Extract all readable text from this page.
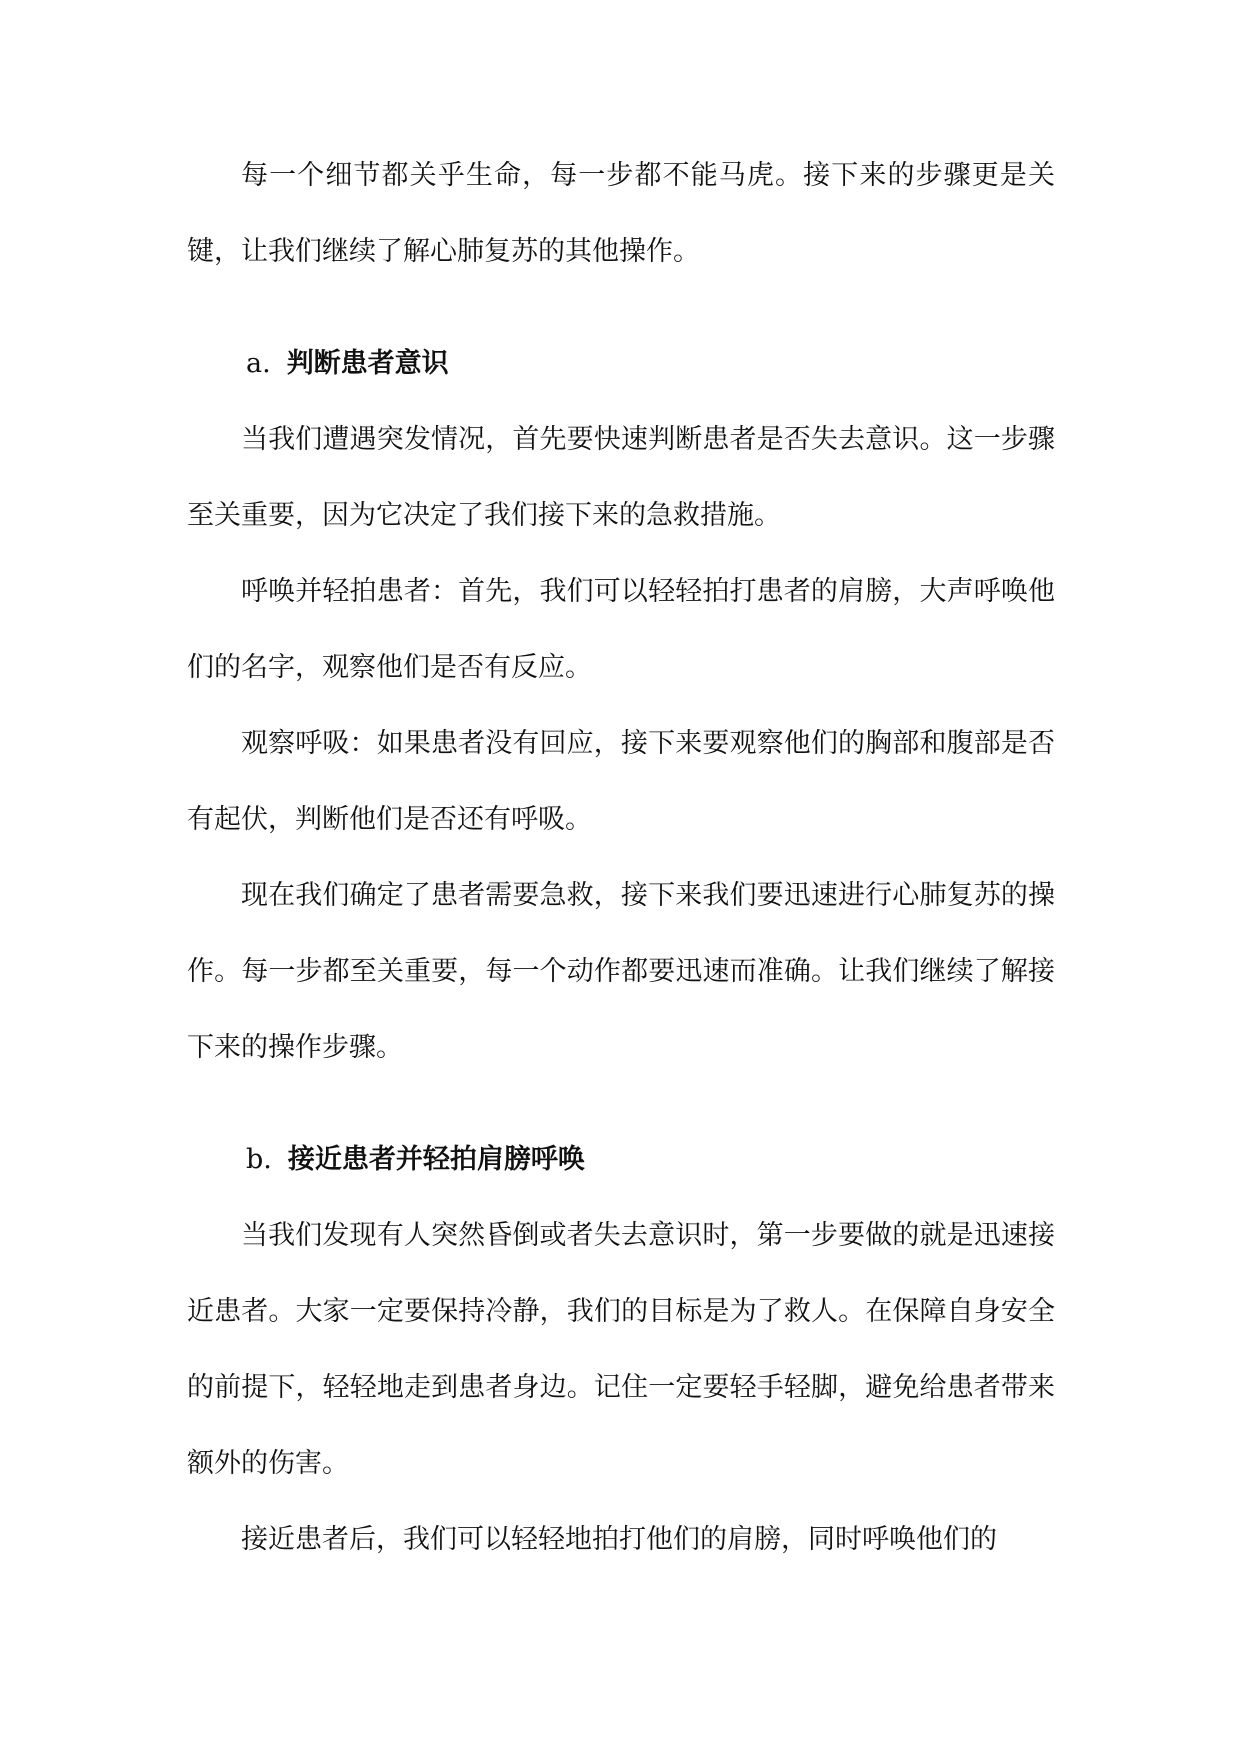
每一个细节都关乎生命，每一步都不能马虎。接下来的步骤更是关键，让我们继续了解心肺复苏的其他操作。

a. 判断患者意识

当我们遭遇突发情况，首先要快速判断患者是否失去意识。这一步骤至关重要，因为它决定了我们接下来的急救措施。

呼唤并轻拍患者：首先，我们可以轻轻拍打患者的肩膀，大声呼唤他们的名字，观察他们是否有反应。

观察呼吸：如果患者没有回应，接下来要观察他们的胸部和腹部是否有起伏，判断他们是否还有呼吸。

现在我们确定了患者需要急救，接下来我们要迅速进行心肺复苏的操作。每一步都至关重要，每一个动作都要迅速而准确。让我们继续了解接下来的操作步骤。

b. 接近患者并轻拍肩膀呼唤

当我们发现有人突然昏倒或者失去意识时，第一步要做的就是迅速接近患者。大家一定要保持冷静，我们的目标是为了救人。在保障自身安全的前提下，轻轻地走到患者身边。记住一定要轻手轻脚，避免给患者带来额外的伤害。

接近患者后，我们可以轻轻地拍打他们的肩膀，同时呼唤他们的
